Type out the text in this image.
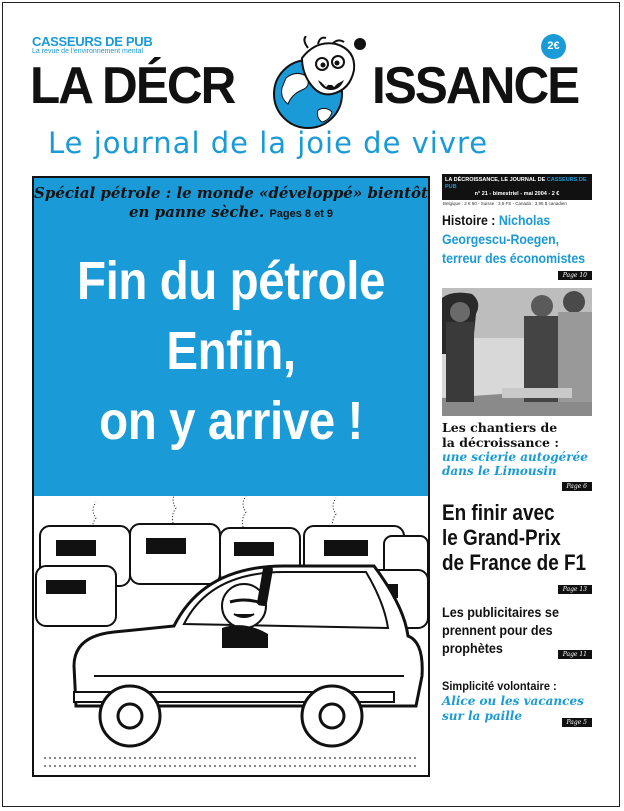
CASSEURS DE PUB
La revue de l'environnement mental	2€
LA DÉCR	ISSANCE
Le journal de la joie de vivre
Spécial pétrole : le monde «développé» bientôt en panne sèche. Pages 8 et 9
Fin du pétrole
Enfin,
on y arrive !
LA DÉCROISSANCE, LE JOURNAL DE CASSEURS DE PUB
n° 21 - bimestriel - mai 2004 - 2 €
Belgique : 2 € 50 - Suisse : 3,5 FS - Canada : 3,95 $ canadien
Histoire : Nicholas
Georgescu-Roegen,
terreur des économistes
Page 10
Les chantiers de
la décroissance :
une scierie autogérée
dans le Limousin
Page 6
En finir avec
le Grand-Prix
de France de F1
Page 13
Les publicitaires se
prennent pour des
prophètes	Page 11
Simplicité volontaire :
Alice ou les vacances
sur la paille	Page 5
